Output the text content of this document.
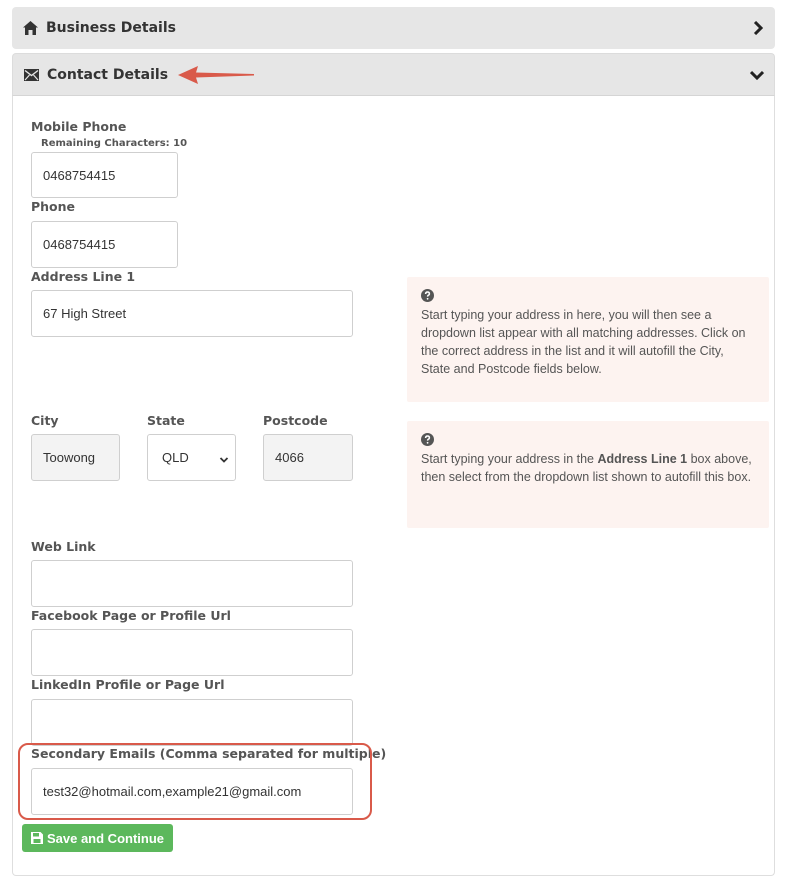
Business Details
Contact Details
Mobile Phone
Remaining Characters: 10
0468754415
Phone
0468754415
Address Line 1
67 High Street	Start typing your address in here, you will then see a dropdown list appear with all matching addresses. Click on the correct address in the list and it will autofill the City, State and Postcode fields below.
City
Toowong
State
QLD
Postcode
4066	Start typing your address in the Address Line 1 box above, then select from the dropdown list shown to autofill this box.
Web Link
Facebook Page or Profile Url
LinkedIn Profile or Page Url
Secondary Emails (Comma separated for multiple)
test32@hotmail.com,example21@gmail.com
Save and Continue
